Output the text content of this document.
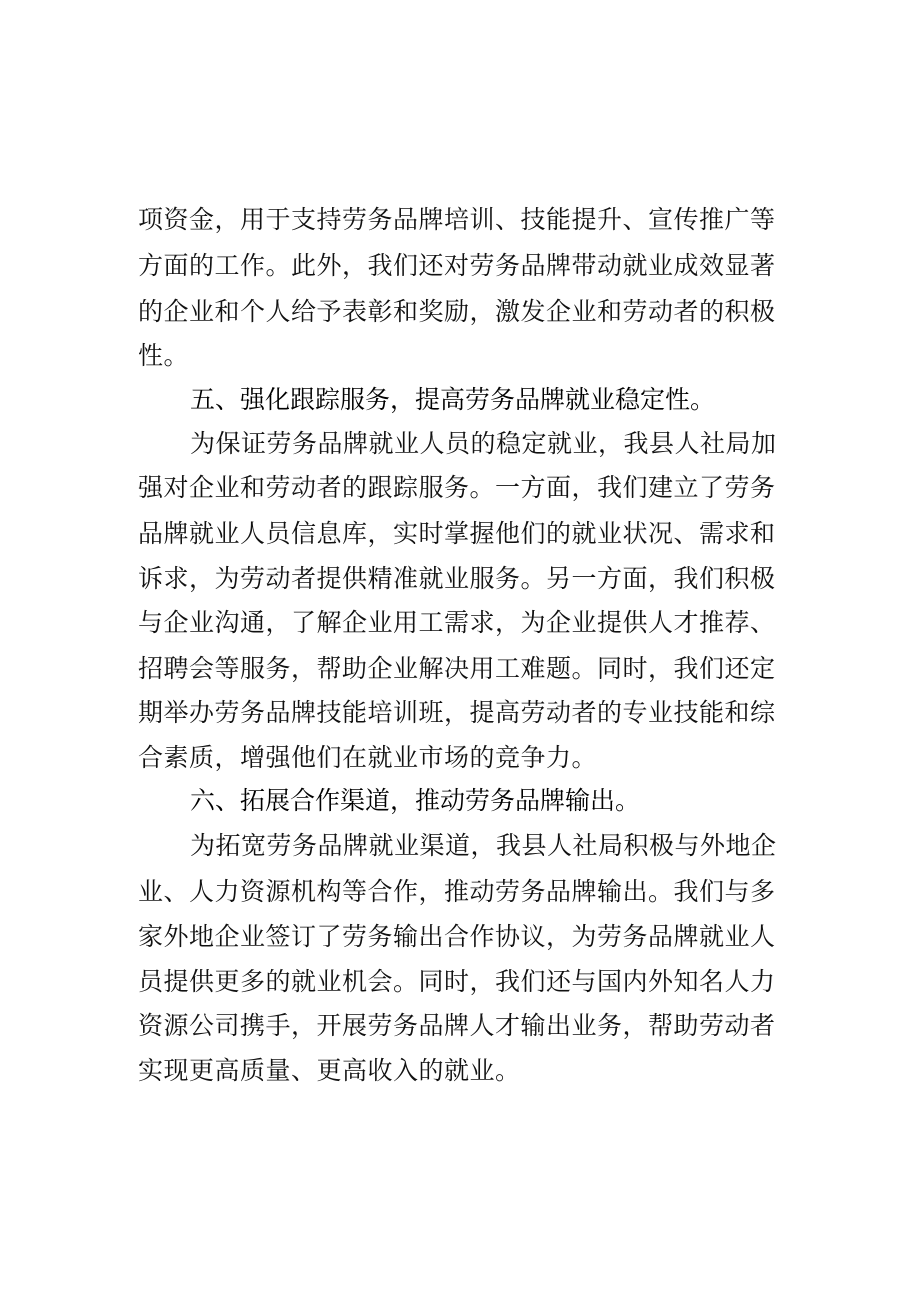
项资金，用于支持劳务品牌培训、技能提升、宣传推广等
方面的工作。此外，我们还对劳务品牌带动就业成效显著
的企业和个人给予表彰和奖励，激发企业和劳动者的积极
性。
五、强化跟踪服务，提高劳务品牌就业稳定性。
为保证劳务品牌就业人员的稳定就业，我县人社局加
强对企业和劳动者的跟踪服务。一方面，我们建立了劳务
品牌就业人员信息库，实时掌握他们的就业状况、需求和
诉求，为劳动者提供精准就业服务。另一方面，我们积极
与企业沟通，了解企业用工需求，为企业提供人才推荐、
招聘会等服务，帮助企业解决用工难题。同时，我们还定
期举办劳务品牌技能培训班，提高劳动者的专业技能和综
合素质，增强他们在就业市场的竞争力。
六、拓展合作渠道，推动劳务品牌输出。
为拓宽劳务品牌就业渠道，我县人社局积极与外地企
业、人力资源机构等合作，推动劳务品牌输出。我们与多
家外地企业签订了劳务输出合作协议，为劳务品牌就业人
员提供更多的就业机会。同时，我们还与国内外知名人力
资源公司携手，开展劳务品牌人才输出业务，帮助劳动者
实现更高质量、更高收入的就业。
